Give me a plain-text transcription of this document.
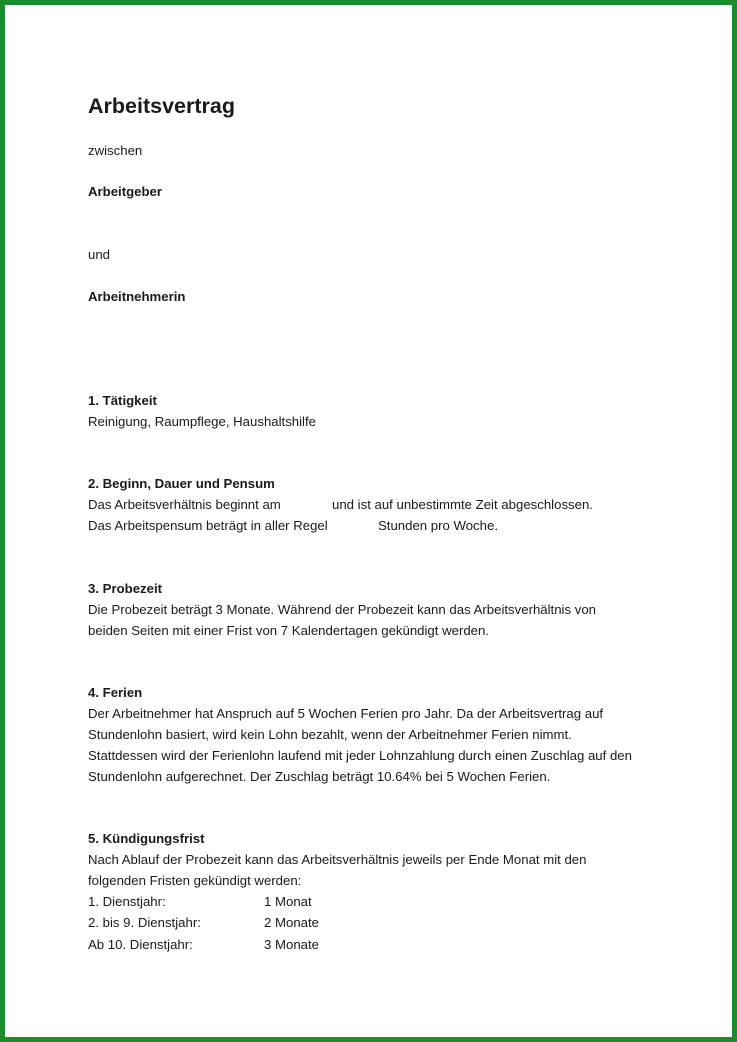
Arbeitsvertrag
zwischen
Arbeitgeber
und
Arbeitnehmerin
1. Tätigkeit
Reinigung, Raumpflege, Haushaltshilfe
2. Beginn, Dauer und Pensum
Das Arbeitsverhältnis beginnt am	und ist auf unbestimmte Zeit abgeschlossen.
Das Arbeitspensum beträgt in aller Regel	Stunden pro Woche.
3. Probezeit
Die Probezeit beträgt 3 Monate. Während der Probezeit kann das Arbeitsverhältnis von
beiden Seiten mit einer Frist von 7 Kalendertagen gekündigt werden.
4. Ferien
Der Arbeitnehmer hat Anspruch auf 5 Wochen Ferien pro Jahr. Da der Arbeitsvertrag auf
Stundenlohn basiert, wird kein Lohn bezahlt, wenn der Arbeitnehmer Ferien nimmt.
Stattdessen wird der Ferienlohn laufend mit jeder Lohnzahlung durch einen Zuschlag auf den
Stundenlohn aufgerechnet. Der Zuschlag beträgt 10.64% bei 5 Wochen Ferien.
5. Kündigungsfrist
Nach Ablauf der Probezeit kann das Arbeitsverhältnis jeweils per Ende Monat mit den
folgenden Fristen gekündigt werden:
1. Dienstjahr:	1 Monat
2. bis 9. Dienstjahr:	2 Monate
Ab 10. Dienstjahr:	3 Monate
